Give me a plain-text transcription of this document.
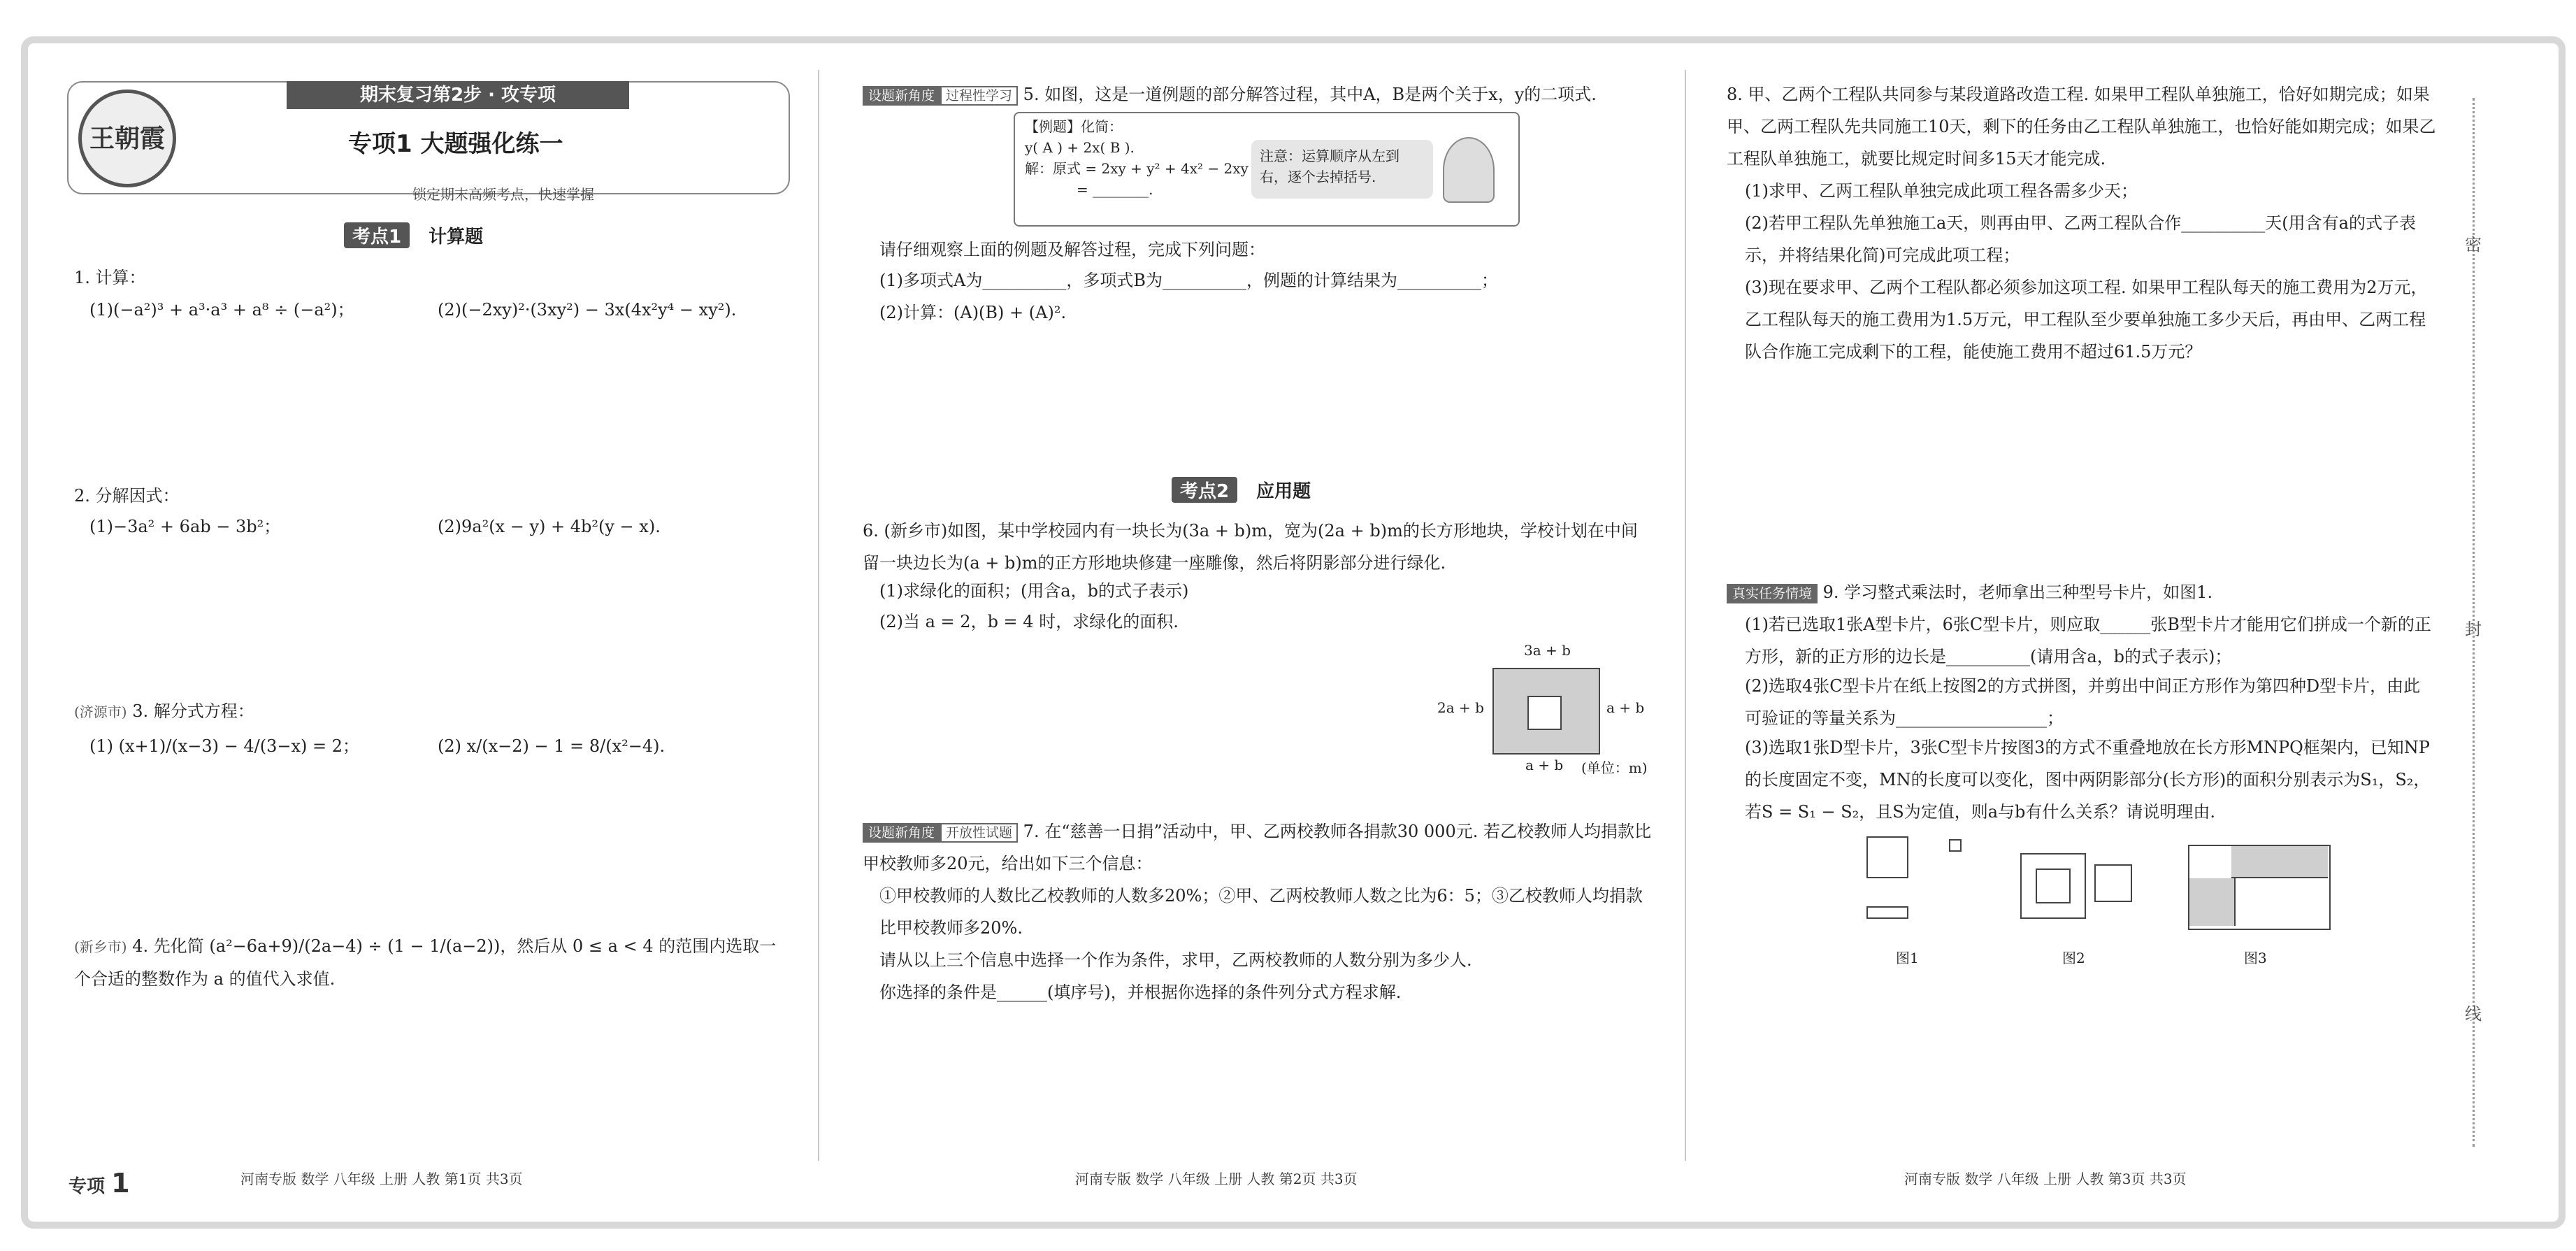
王朝霞
期末复习第2步 · 攻专项
专项1 大题强化练一
锁定期末高频考点，快速掌握
考点1 计算题
1. 计算：
(1)(−a²)³ + a³·a³ + a⁸ ÷ (−a²)；	(2)(−2xy)²·(3xy²) − 3x(4x²y⁴ − xy²).
2. 分解因式：
(1)−3a² + 6ab − 3b²；	(2)9a²(x − y) + 4b²(y − x).
(济源市) 3. 解分式方程：
(1) (x+1)/(x−3) − 4/(3−x) = 2；	(2) x/(x−2) − 1 = 8/(x²−4).
(新乡市) 4. 先化简 (a²−6a+9)/(2a−4) ÷ (1 − 1/(a−2))，然后从 0 ≤ a < 4 的范围内选取一个合适的整数作为 a 的值代入求值.
设题新角度 过程性学习 5. 如图，这是一道例题的部分解答过程，其中A，B是两个关于x，y的二项式.
【例题】化简：
y( A ) + 2x( B ).
解：原式 = 2xy + y² + 4x² − 2xy
= ________.
注意：运算顺序从左到右，逐个去掉括号.
请仔细观察上面的例题及解答过程，完成下列问题：
(1)多项式A为__________，多项式B为__________，例题的计算结果为__________；
(2)计算：(A)(B) + (A)².
考点2 应用题
6. (新乡市)如图，某中学校园内有一块长为(3a + b)m，宽为(2a + b)m的长方形地块，学校计划在中间留一块边长为(a + b)m的正方形地块修建一座雕像，然后将阴影部分进行绿化.
(1)求绿化的面积；(用含a，b的式子表示)
(2)当 a = 2，b = 4 时，求绿化的面积.
3a + b
2a + b	a + b
a + b (单位：m)
设题新角度 开放性试题 7. 在“慈善一日捐”活动中，甲、乙两校教师各捐款30 000元. 若乙校教师人均捐款比甲校教师多20元，给出如下三个信息：
①甲校教师的人数比乙校教师的人数多20%；②甲、乙两校教师人数之比为6：5；③乙校教师人均捐款比甲校教师多20%.
请从以上三个信息中选择一个作为条件，求甲，乙两校教师的人数分别为多少人.
你选择的条件是______(填序号)，并根据你选择的条件列分式方程求解.
8. 甲、乙两个工程队共同参与某段道路改造工程. 如果甲工程队单独施工，恰好如期完成；如果甲、乙两工程队先共同施工10天，剩下的任务由乙工程队单独施工，也恰好能如期完成；如果乙工程队单独施工，就要比规定时间多15天才能完成.
(1)求甲、乙两工程队单独完成此项工程各需多少天；
(2)若甲工程队先单独施工a天，则再由甲、乙两工程队合作__________天(用含有a的式子表示，并将结果化简)可完成此项工程；
(3)现在要求甲、乙两个工程队都必须参加这项工程. 如果甲工程队每天的施工费用为2万元，乙工程队每天的施工费用为1.5万元，甲工程队至少要单独施工多少天后，再由甲、乙两工程队合作施工完成剩下的工程，能使施工费用不超过61.5万元？
真实任务情境 9. 学习整式乘法时，老师拿出三种型号卡片，如图1.
(1)若已选取1张A型卡片，6张C型卡片，则应取______张B型卡片才能用它们拼成一个新的正方形，新的正方形的边长是__________(请用含a，b的式子表示)；
(2)选取4张C型卡片在纸上按图2的方式拼图，并剪出中间正方形作为第四种D型卡片，由此可验证的等量关系为__________________；
(3)选取1张D型卡片，3张C型卡片按图3的方式不重叠地放在长方形MNPQ框架内，已知NP的长度固定不变，MN的长度可以变化，图中两阴影部分(长方形)的面积分别表示为S₁，S₂，若S = S₁ − S₂，且S为定值，则a与b有什么关系？请说明理由.
图1	图2	图3
密
封
线
专项 1	河南专版 数学 八年级 上册 人教 第1页 共3页	河南专版 数学 八年级 上册 人教 第2页 共3页	河南专版 数学 八年级 上册 人教 第3页 共3页
